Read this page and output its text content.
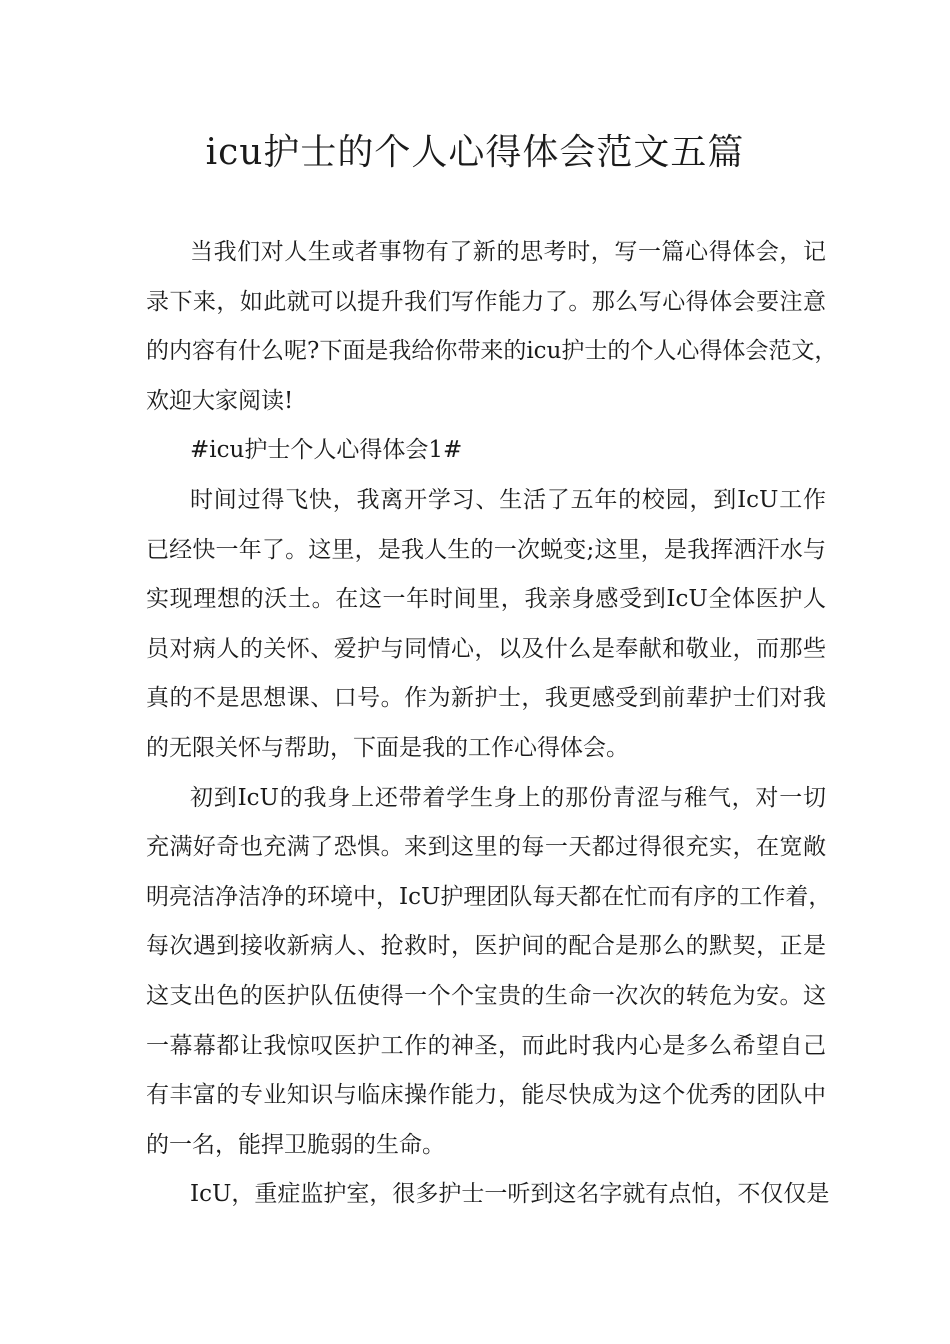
icu护士的个人心得体会范文五篇
当我们对人生或者事物有了新的思考时，写一篇心得体会，记
录下来，如此就可以提升我们写作能力了。那么写心得体会要注意
的内容有什么呢?下面是我给你带来的icu护士的个人心得体会范文，
欢迎大家阅读!
#icu护士个人心得体会1#
时间过得飞快，我离开学习、生活了五年的校园，到IcU工作
已经快一年了。这里，是我人生的一次蜕变;这里，是我挥洒汗水与
实现理想的沃土。在这一年时间里，我亲身感受到IcU全体医护人
员对病人的关怀、爱护与同情心，以及什么是奉献和敬业，而那些
真的不是思想课、口号。作为新护士，我更感受到前辈护士们对我
的无限关怀与帮助，下面是我的工作心得体会。
初到IcU的我身上还带着学生身上的那份青涩与稚气，对一切
充满好奇也充满了恐惧。来到这里的每一天都过得很充实，在宽敞
明亮洁净洁净的环境中，IcU护理团队每天都在忙而有序的工作着，
每次遇到接收新病人、抢救时，医护间的配合是那么的默契，正是
这支出色的医护队伍使得一个个宝贵的生命一次次的转危为安。这
一幕幕都让我惊叹医护工作的神圣，而此时我内心是多么希望自己
有丰富的专业知识与临床操作能力，能尽快成为这个优秀的团队中
的一名，能捍卫脆弱的生命。
IcU，重症监护室，很多护士一听到这名字就有点怕，不仅仅是
